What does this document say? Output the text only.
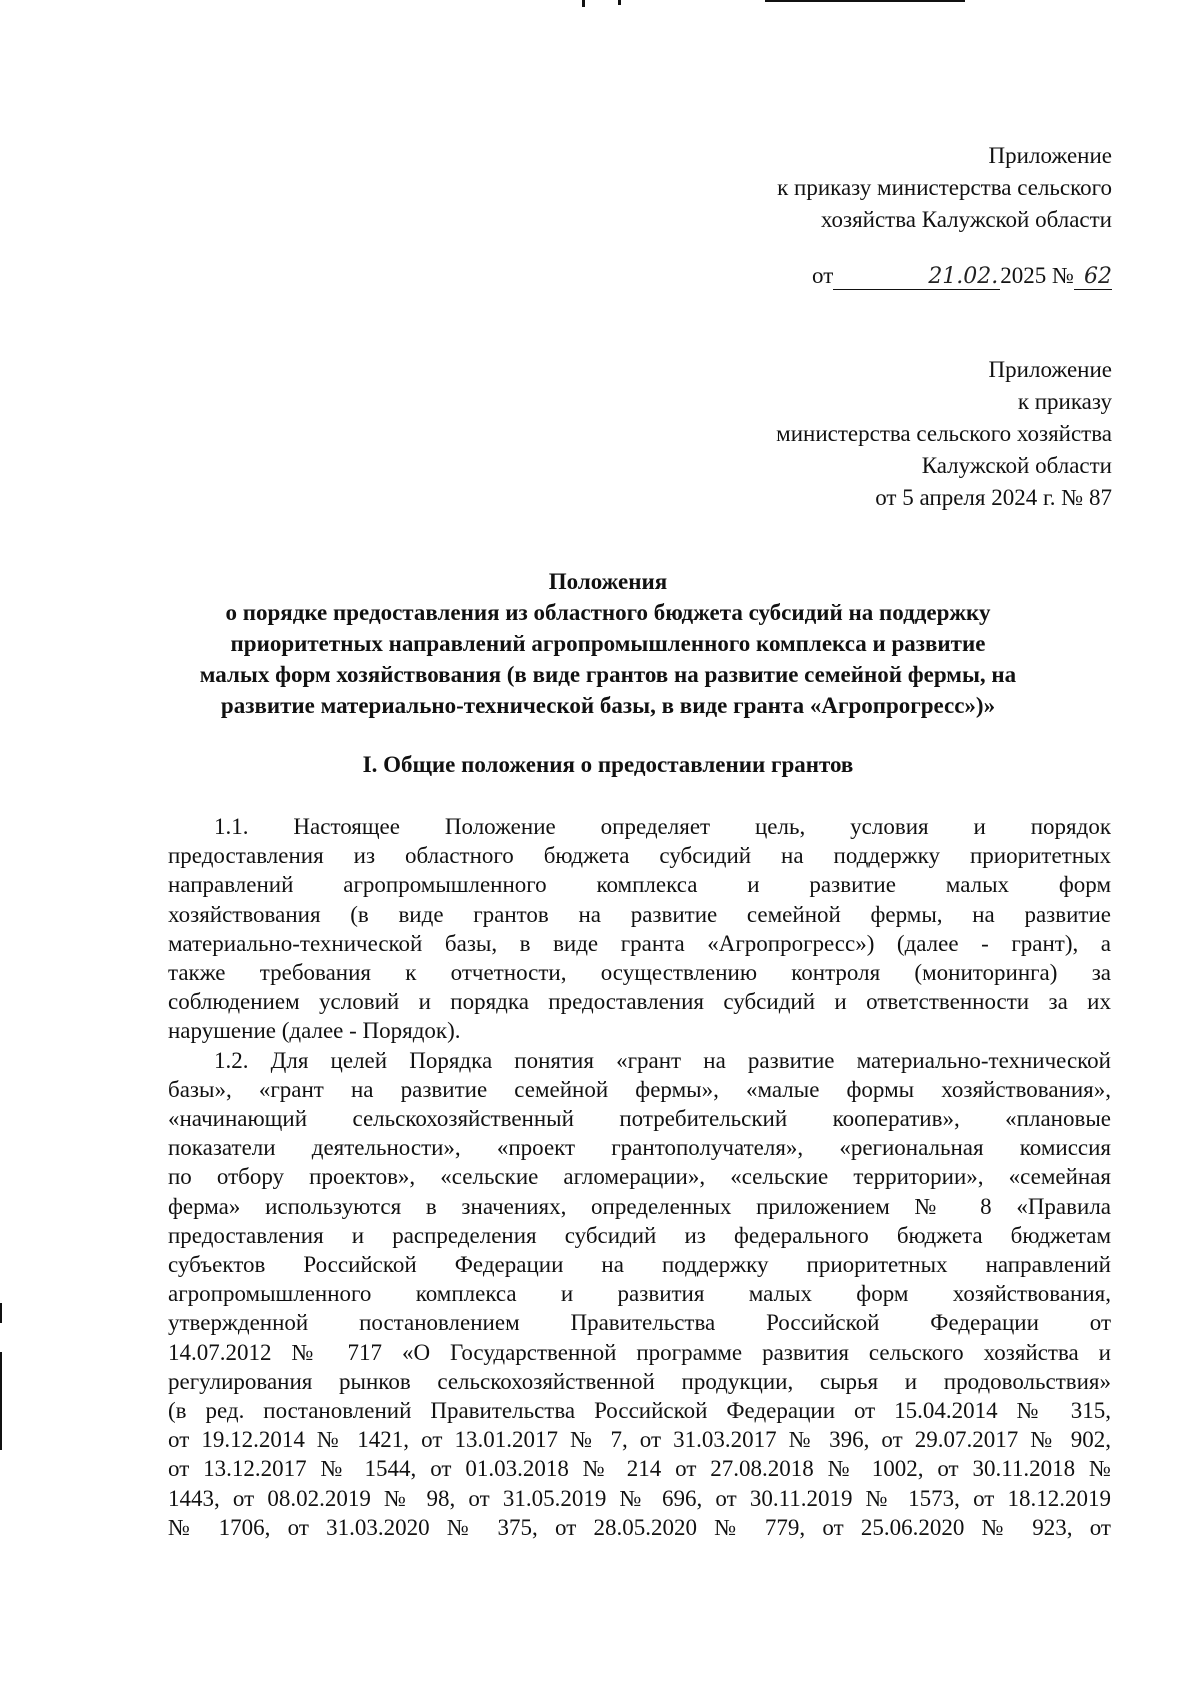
Приложение
к приказу министерства сельского
хозяйства Калужской области
от	21.02.2025 № 62
Приложение
к приказу
министерства сельского хозяйства
Калужской области
от 5 апреля 2024 г. № 87
Положения
о порядке предоставления из областного бюджета субсидий на поддержку
приоритетных направлений агропромышленного комплекса и развитие
малых форм хозяйствования (в виде грантов на развитие семейной фермы, на
развитие материально-технической базы, в виде гранта «Агропрогресс»)»
I. Общие положения о предоставлении грантов
1.1. Настоящее Положение определяет цель, условия и порядок
предоставления из областного бюджета субсидий на поддержку приоритетных
направлений агропромышленного комплекса и развитие малых форм
хозяйствования (в виде грантов на развитие семейной фермы, на развитие
материально-технической базы, в виде гранта «Агропрогресс») (далее - грант), а
также требования к отчетности, осуществлению контроля (мониторинга) за
соблюдением условий и порядка предоставления субсидий и ответственности за их
нарушение (далее - Порядок).
1.2. Для целей Порядка понятия «грант на развитие материально-технической
базы», «грант на развитие семейной фермы», «малые формы хозяйствования»,
«начинающий сельскохозяйственный потребительский кооператив», «плановые
показатели деятельности», «проект грантополучателя», «региональная комиссия
по отбору проектов», «сельские агломерации», «сельские территории», «семейная
ферма» используются в значениях, определенных приложением № 8 «Правила
предоставления и распределения субсидий из федерального бюджета бюджетам
субъектов Российской Федерации на поддержку приоритетных направлений
агропромышленного комплекса и развития малых форм хозяйствования,
утвержденной постановлением Правительства Российской Федерации от
14.07.2012 № 717 «О Государственной программе развития сельского хозяйства и
регулирования рынков сельскохозяйственной продукции, сырья и продовольствия»
(в ред. постановлений Правительства Российской Федерации от 15.04.2014 № 315,
от 19.12.2014 № 1421, от 13.01.2017 № 7, от 31.03.2017 № 396, от 29.07.2017 № 902,
от 13.12.2017 № 1544, от 01.03.2018 № 214 от 27.08.2018 № 1002, от 30.11.2018 №
1443, от 08.02.2019 № 98, от 31.05.2019 № 696, от 30.11.2019 № 1573, от 18.12.2019
№ 1706, от 31.03.2020 № 375, от 28.05.2020 № 779, от 25.06.2020 № 923, от
